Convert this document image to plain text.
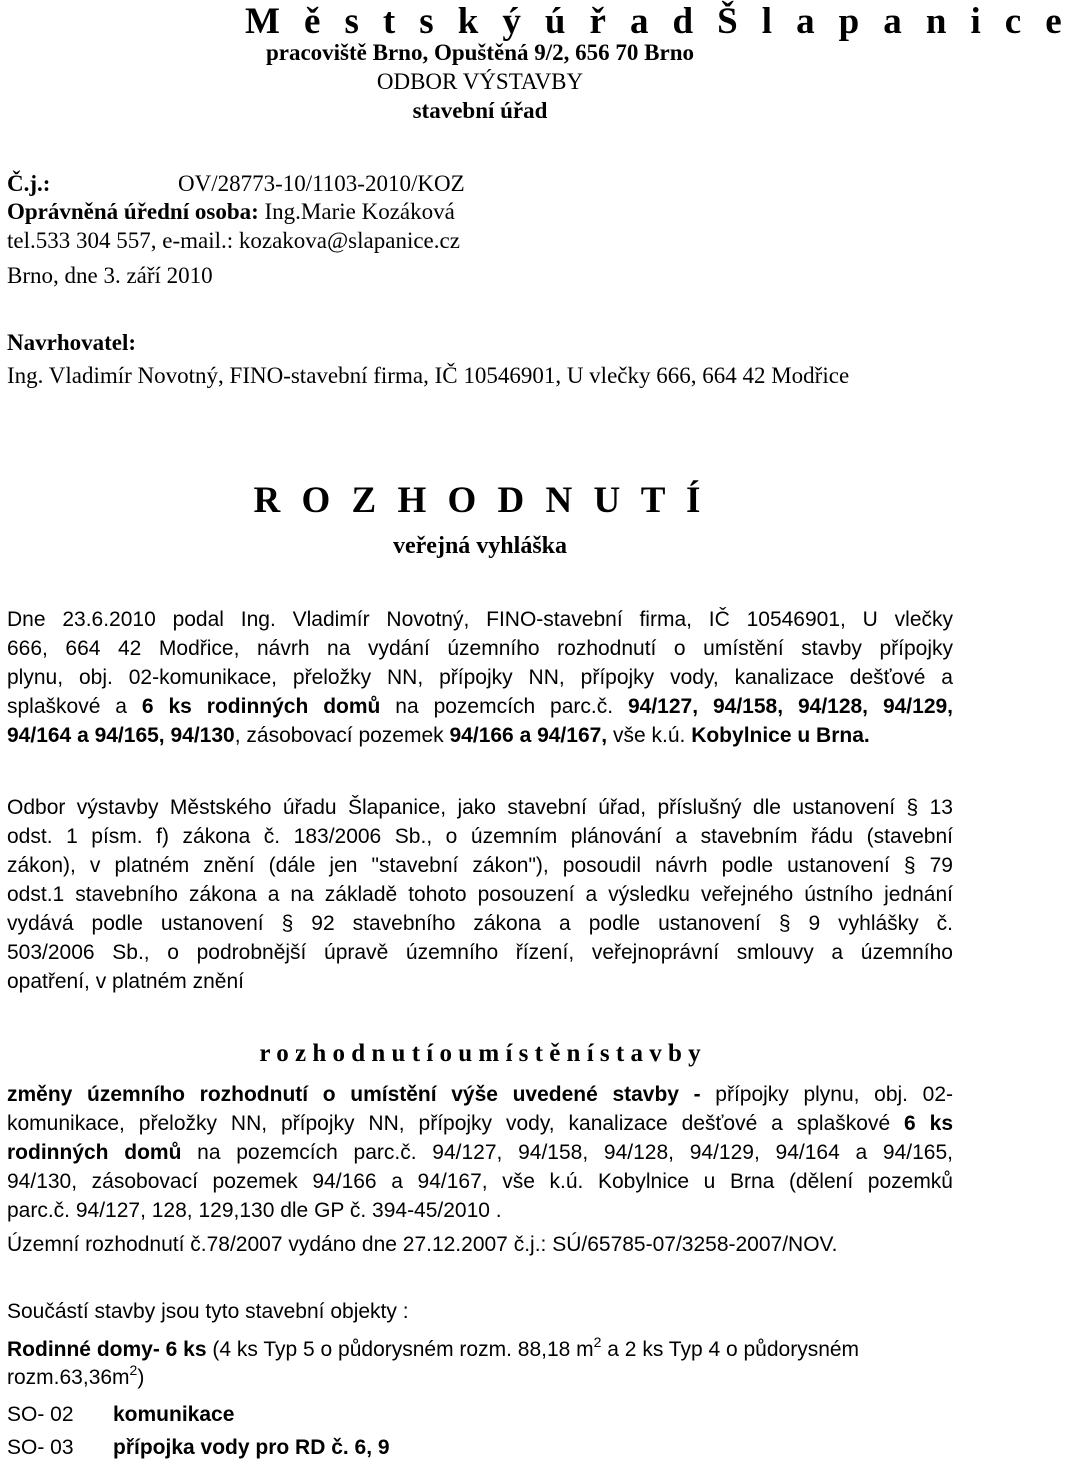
M ě s t s k ý ú ř a d Š l a p a n i c e
pracoviště Brno, Opuštěná 9/2, 656 70 Brno
ODBOR VÝSTAVBY
stavební úřad
Č.j.:	OV/28773-10/1103-2010/KOZ
Oprávněná úřední osoba: Ing.Marie Kozáková
tel.533 304 557, e-mail.: kozakova@slapanice.cz
Brno, dne 3. září 2010
Navrhovatel:
Ing. Vladimír Novotný, FINO-stavební firma, IČ 10546901, U vlečky 666, 664 42 Modřice
R O Z H O D N U T Í
veřejná vyhláška
Dne 23.6.2010 podal Ing. Vladimír Novotný, FINO-stavební firma, IČ 10546901, U vlečky
666, 664 42 Modřice, návrh na vydání územního rozhodnutí o umístění stavby přípojky
plynu, obj. 02-komunikace, přeložky NN, přípojky NN, přípojky vody, kanalizace dešťové a
splaškové a 6 ks rodinných domů na pozemcích parc.č. 94/127, 94/158, 94/128, 94/129,
94/164 a 94/165, 94/130, zásobovací pozemek 94/166 a 94/167, vše k.ú. Kobylnice u Brna.
Odbor výstavby Městského úřadu Šlapanice, jako stavební úřad, příslušný dle ustanovení § 13
odst. 1 písm. f) zákona č. 183/2006 Sb., o územním plánování a stavebním řádu (stavební
zákon), v platném znění (dále jen "stavební zákon"), posoudil návrh podle ustanovení § 79
odst.1 stavebního zákona a na základě tohoto posouzení a výsledku veřejného ústního jednání
vydává podle ustanovení § 92 stavebního zákona a podle ustanovení § 9 vyhlášky č.
503/2006 Sb., o podrobnější úpravě územního řízení, veřejnoprávní smlouvy a územního
opatření, v platném znění
r o z h o d n u t í o u m í s t ě n í s t a v b y
změny územního rozhodnutí o umístění výše uvedené stavby - přípojky plynu, obj. 02-
komunikace, přeložky NN, přípojky NN, přípojky vody, kanalizace dešťové a splaškové 6 ks
rodinných domů na pozemcích parc.č. 94/127, 94/158, 94/128, 94/129, 94/164 a 94/165,
94/130, zásobovací pozemek 94/166 a 94/167, vše k.ú. Kobylnice u Brna (dělení pozemků
parc.č. 94/127, 128, 129,130 dle GP č. 394-45/2010 .
Územní rozhodnutí č.78/2007 vydáno dne 27.12.2007 č.j.: SÚ/65785-07/3258-2007/NOV.
Součástí stavby jsou tyto stavební objekty :
Rodinné domy- 6 ks (4 ks Typ 5 o půdorysném rozm. 88,18 $m^2$ a 2 ks Typ 4 o půdorysném
$rozm.63,36m^2$)
SO- 02 komunikace
SO- 03 přípojka vody pro RD č. 6, 9
